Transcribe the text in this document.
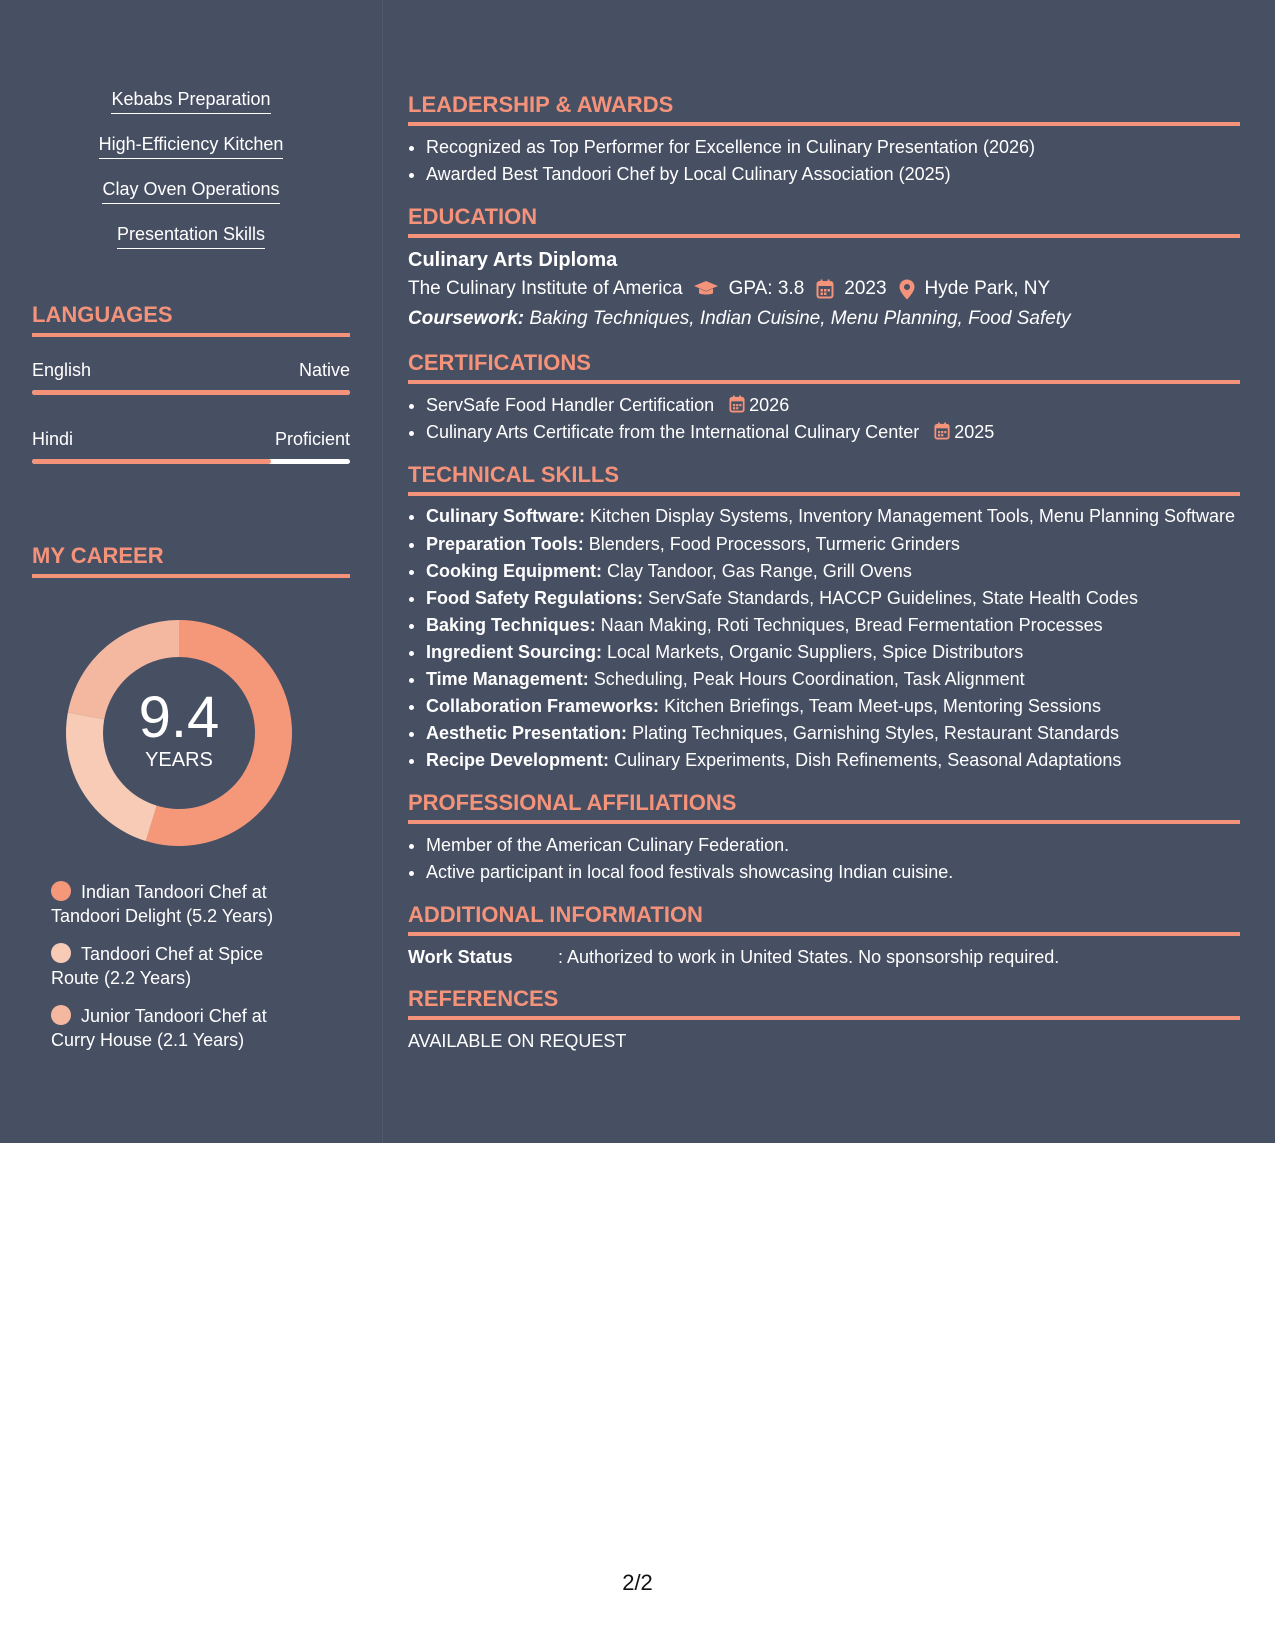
Kebabs Preparation
High-Efficiency Kitchen
Clay Oven Operations
Presentation Skills
LANGUAGES
English	Native
Hindi	Proficient
MY CAREER
9.4
YEARS
Indian Tandoori Chef at Tandoori Delight (5.2 Years)
Tandoori Chef at Spice Route (2.2 Years)
Junior Tandoori Chef at Curry House (2.1 Years)
LEADERSHIP & AWARDS
• Recognized as Top Performer for Excellence in Culinary Presentation (2026)
• Awarded Best Tandoori Chef by Local Culinary Association (2025)
EDUCATION
Culinary Arts Diploma
The Culinary Institute of America GPA: 3.8 2023 Hyde Park, NY
Coursework: Baking Techniques, Indian Cuisine, Menu Planning, Food Safety
CERTIFICATIONS
• ServSafe Food Handler Certification 2026
• Culinary Arts Certificate from the International Culinary Center 2025
TECHNICAL SKILLS
• Culinary Software: Kitchen Display Systems, Inventory Management Tools, Menu Planning Software
• Preparation Tools: Blenders, Food Processors, Turmeric Grinders
• Cooking Equipment: Clay Tandoor, Gas Range, Grill Ovens
• Food Safety Regulations: ServSafe Standards, HACCP Guidelines, State Health Codes
• Baking Techniques: Naan Making, Roti Techniques, Bread Fermentation Processes
• Ingredient Sourcing: Local Markets, Organic Suppliers, Spice Distributors
• Time Management: Scheduling, Peak Hours Coordination, Task Alignment
• Collaboration Frameworks: Kitchen Briefings, Team Meet-ups, Mentoring Sessions
• Aesthetic Presentation: Plating Techniques, Garnishing Styles, Restaurant Standards
• Recipe Development: Culinary Experiments, Dish Refinements, Seasonal Adaptations
PROFESSIONAL AFFILIATIONS
• Member of the American Culinary Federation.
• Active participant in local food festivals showcasing Indian cuisine.
ADDITIONAL INFORMATION
Work Status	: Authorized to work in United States. No sponsorship required.
REFERENCES
AVAILABLE ON REQUEST
2/2
